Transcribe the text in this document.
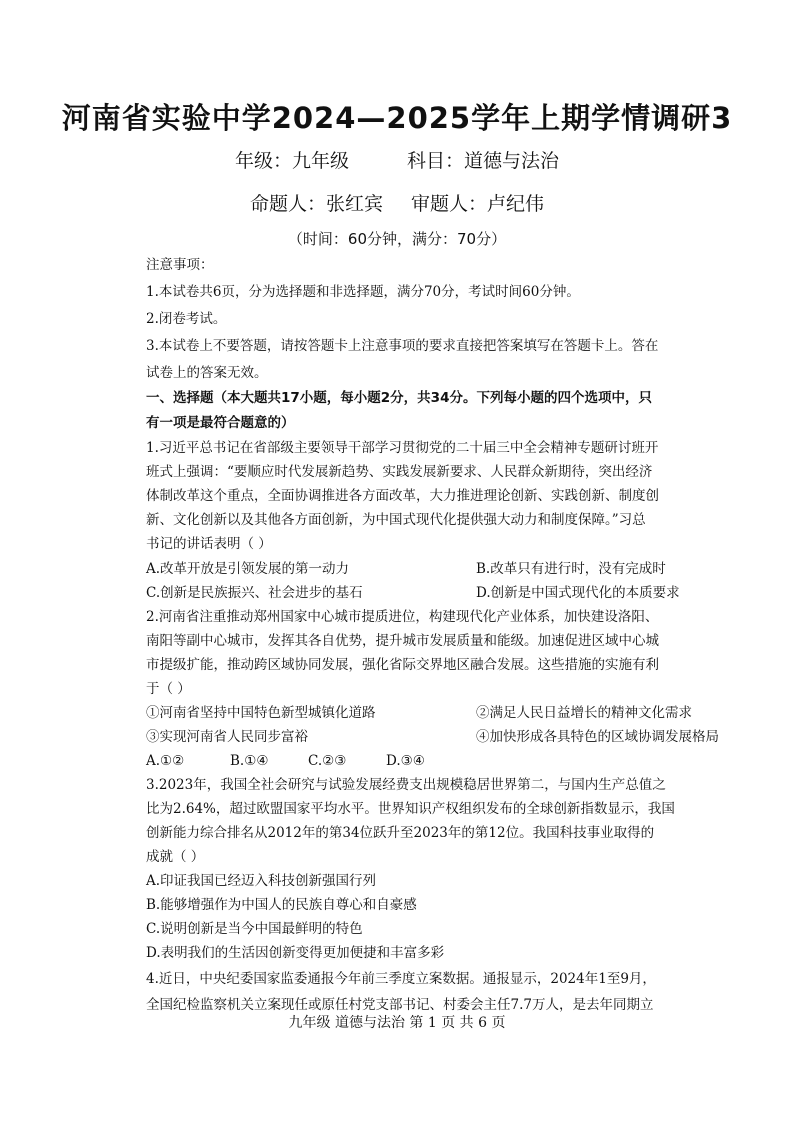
河南省实验中学2024—2025学年上期学情调研3
年级：九年级	科目：道德与法治
命题人：张红宾 审题人：卢纪伟
（时间：60分钟，满分：70分）
注意事项：
1.本试卷共6页，分为选择题和非选择题，满分70分，考试时间60分钟。
2.闭卷考试。
3.本试卷上不要答题，请按答题卡上注意事项的要求直接把答案填写在答题卡上。答在
试卷上的答案无效。
一、选择题（本大题共17小题，每小题2分，共34分。下列每小题的四个选项中，只
有一项是最符合题意的）
1.习近平总书记在省部级主要领导干部学习贯彻党的二十届三中全会精神专题研讨班开
班式上强调：“要顺应时代发展新趋势、实践发展新要求、人民群众新期待，突出经济
体制改革这个重点，全面协调推进各方面改革，大力推进理论创新、实践创新、制度创
新、文化创新以及其他各方面创新，为中国式现代化提供强大动力和制度保障。”习总
书记的讲话表明（ ）
A.改革开放是引领发展的第一动力	B.改革只有进行时，没有完成时
C.创新是民族振兴、社会进步的基石	D.创新是中国式现代化的本质要求
2.河南省注重推动郑州国家中心城市提质进位，构建现代化产业体系，加快建设洛阳、
南阳等副中心城市，发挥其各自优势，提升城市发展质量和能级。加速促进区域中心城
市提级扩能，推动跨区域协同发展，强化省际交界地区融合发展。这些措施的实施有利
于（ ）
①河南省坚持中国特色新型城镇化道路	②满足人民日益增长的精神文化需求
③实现河南省人民同步富裕	④加快形成各具特色的区域协调发展格局
A.①②	B.①④	C.②③	D.③④
3.2023年，我国全社会研究与试验发展经费支出规模稳居世界第二，与国内生产总值之
比为2.64%，超过欧盟国家平均水平。世界知识产权组织发布的全球创新指数显示，我国
创新能力综合排名从2012年的第34位跃升至2023年的第12位。我国科技事业取得的
成就（ ）
A.印证我国已经迈入科技创新强国行列
B.能够增强作为中国人的民族自尊心和自豪感
C.说明创新是当今中国最鲜明的特色
D.表明我们的生活因创新变得更加便捷和丰富多彩
4.近日，中央纪委国家监委通报今年前三季度立案数据。通报显示，2024年1至9月，
全国纪检监察机关立案现任或原任村党支部书记、村委会主任7.7万人，是去年同期立
九年级 道德与法治 第 1 页 共 6 页
